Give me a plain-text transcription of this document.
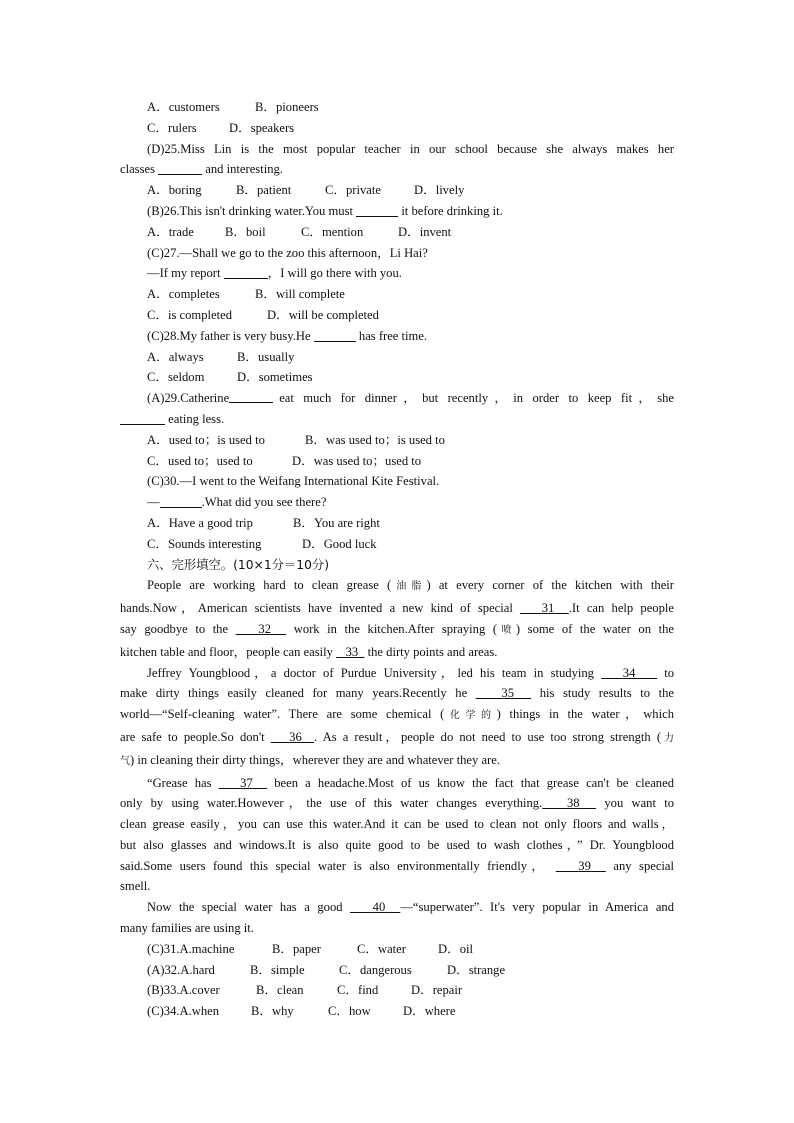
A．customers	B．pioneers
C．rulers	D．speakers
(D)25.Miss Lin is the most popular teacher in our school because she always makes her
classes	and interesting.
A．boring	B．patient	C．private	D．lively
(B)26.This isn't drinking water.You must	it before drinking it.
A．trade B．boil	C．mention	D．invent
(C)27.—Shall we go to the zoo this afternoon，Li Hai?
—If my report	，I will go there with you.
A．completes	B．will complete
C．is completed	D．will be completed
(C)28.My father is very busy.He	has free time.
A．always	B．usually
C．seldom	D．sometimes
(A)29.Catherine	eat much for dinner，but recently，in order to keep fit，she
eating less.
A．used to；is used to	B．was used to；is used to
C．used to；used to	D．was used to；used to
(C)30.—I went to the Weifang International Kite Festival.
—	.What did you see there?
A．Have a good trip	B．You are right
C．Sounds interesting	D．Good luck
六、完形填空。(10×1分＝10分)
People are working hard to clean grease (油脂) at every corner of the kitchen with their
hands.Now，American scientists have invented a new kind of special 31 .It can help people
say goodbye to the 32 work in the kitchen.After spraying (喷) some of the water on the
kitchen table and floor，people can easily 33 the dirty points and areas.
Jeffrey Youngblood，a doctor of Purdue University，led his team in studying 34 to
make dirty things easily cleaned for many years.Recently he	35 his study results to the
world—“Self-cleaning water”. There are some chemical (化学的) things in the water，which
are safe to people.So don't 36 . As a result，people do not need to use too strong strength (力
气) in cleaning their dirty things，wherever they are and whatever they are.
“Grease has 37 been a headache.Most of us know the fact that grease can't be cleaned
only by using water.However，the use of this water changes everything. 38 you want to
clean grease easily，you can use this water.And it can be used to clean not only floors and walls，
but also glasses and windows.It is also quite good to be used to wash clothes，” Dr. Youngblood
said.Some users found this special water is also environmentally friendly， 39 any special
smell.
Now the special water has a good 40 —“superwater”. It's very popular in America and
many families are using it.
(C)31.A.machine	B．paper	C．water	D．oil
(A)32.A.hard	B．simple	C．dangerous	D．strange
(B)33.A.cover	B．clean	C．find	D．repair
(C)34.A.when	B．why	C．how	D．where
